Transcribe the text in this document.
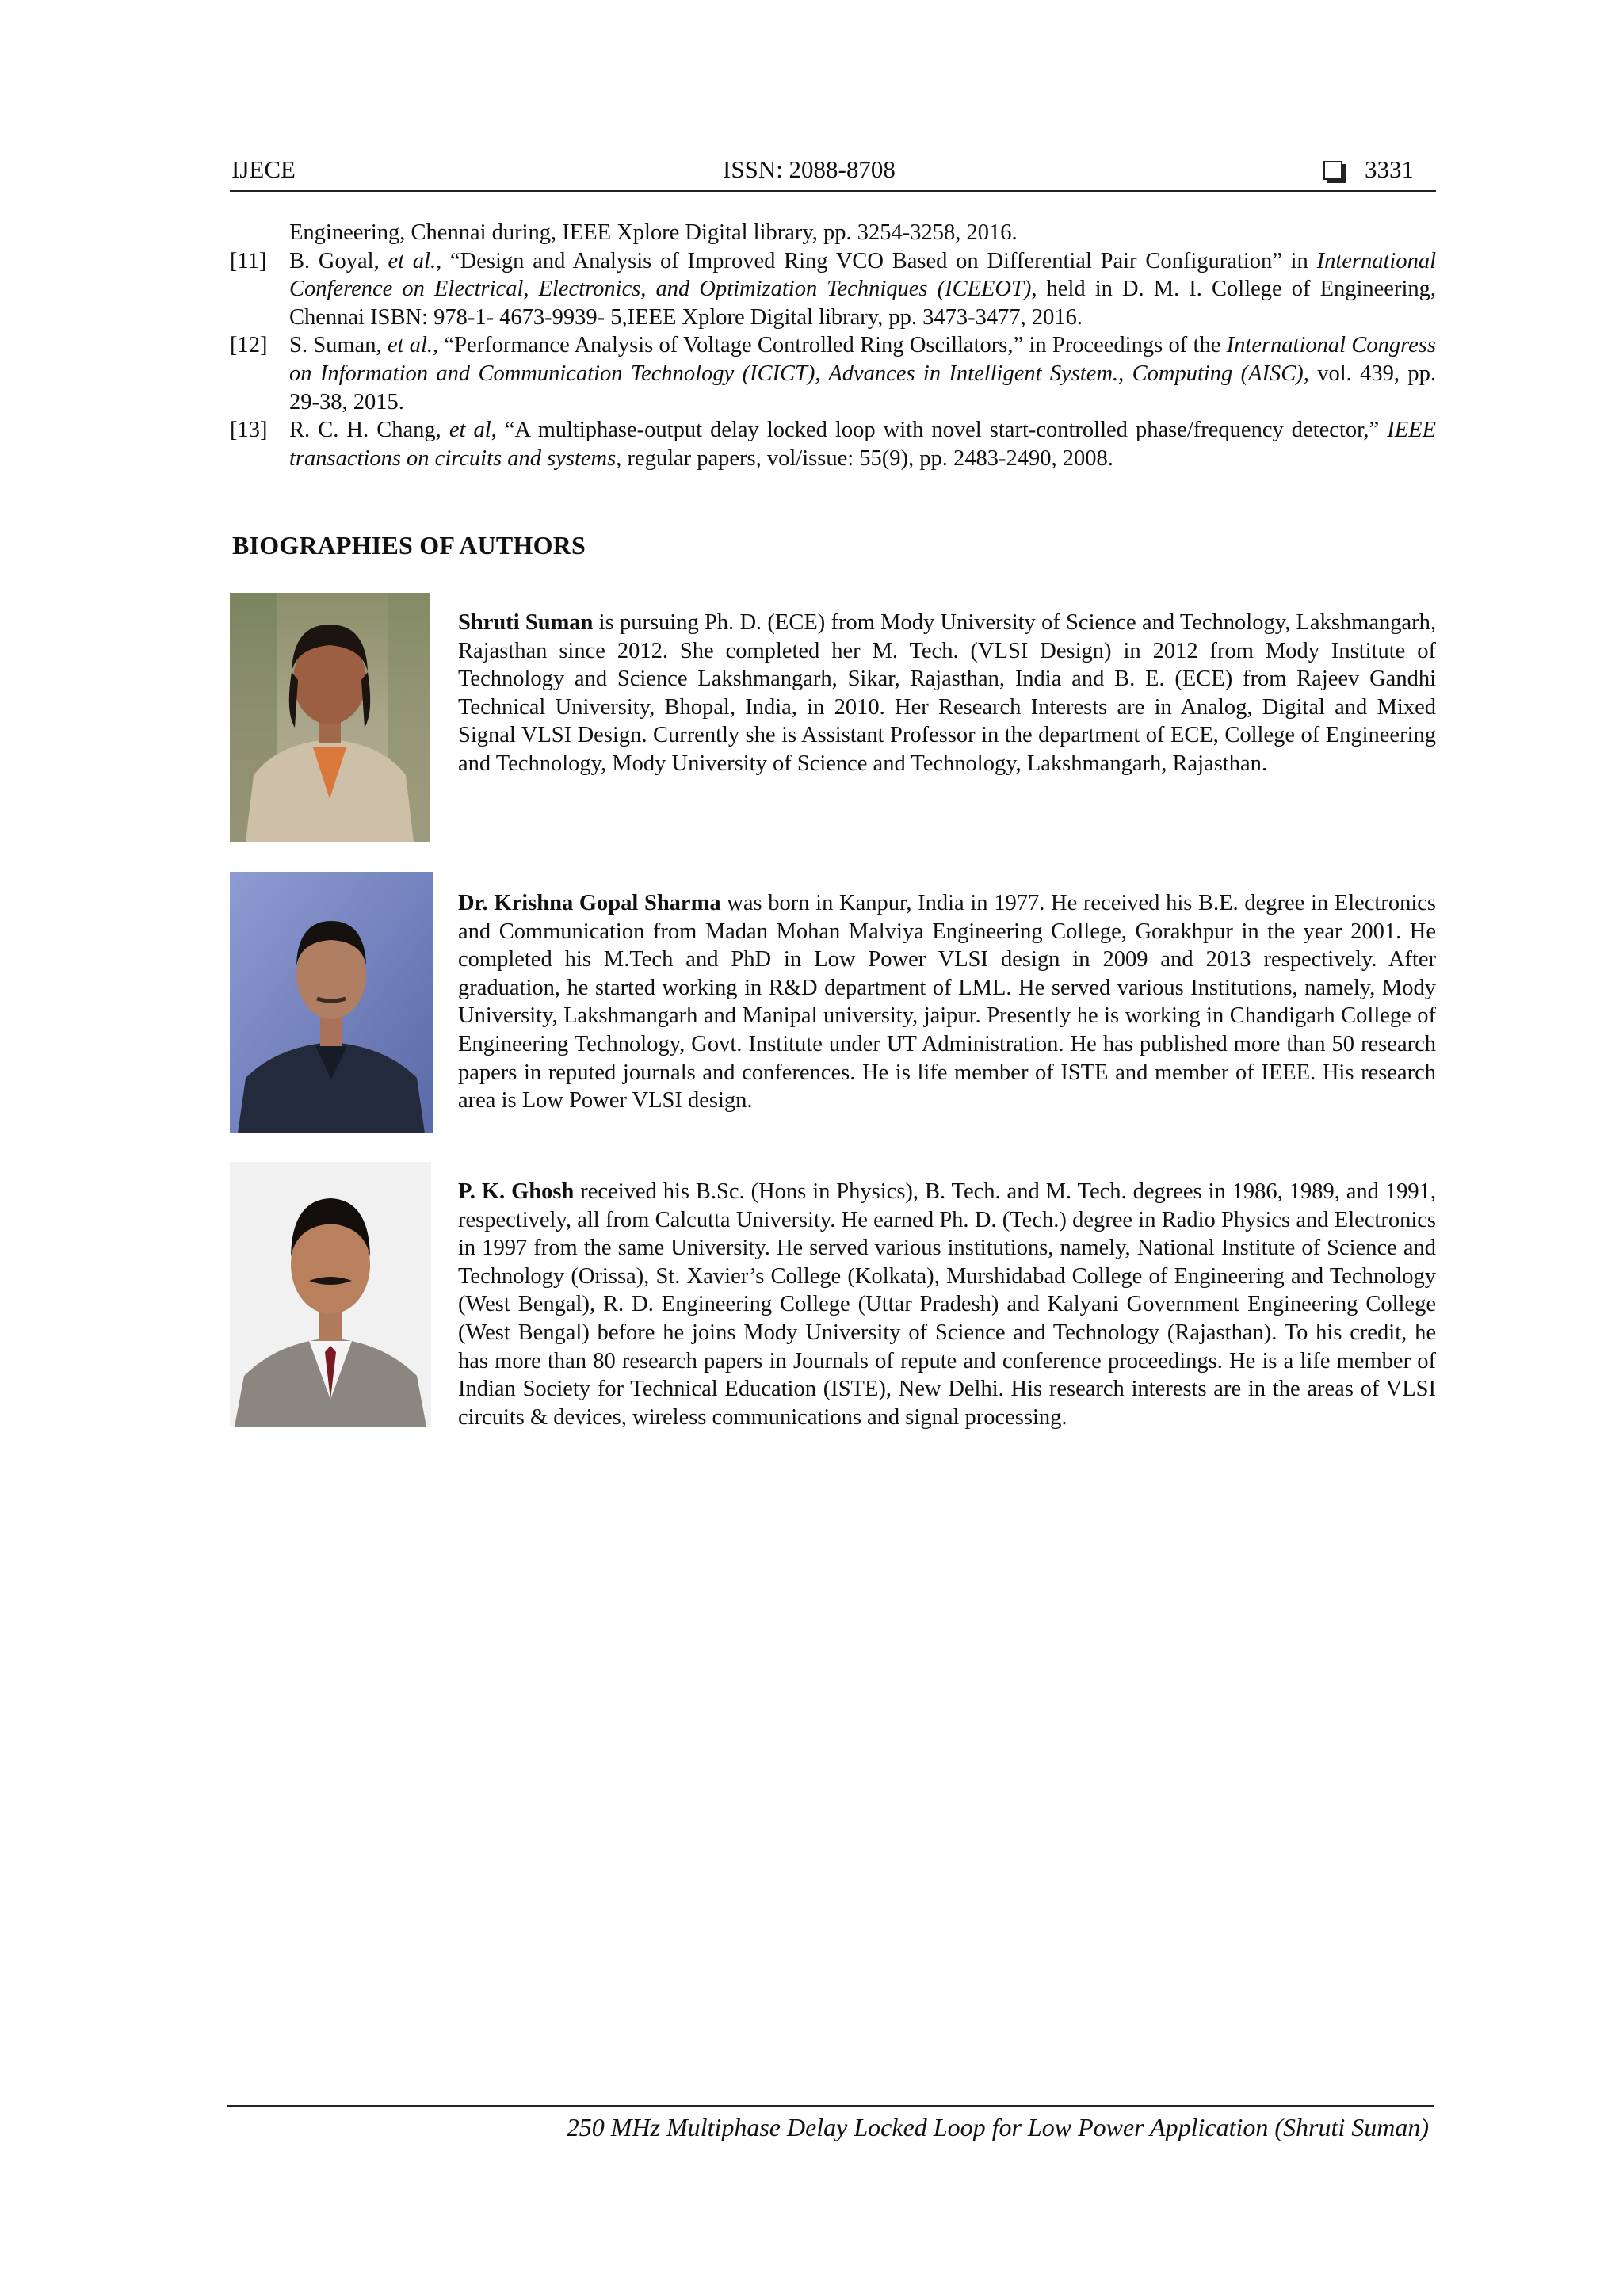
IJECE	ISSN: 2088-8708	3331
Engineering, Chennai during, IEEE Xplore Digital library, pp. 3254-3258, 2016.
[11]	B. Goyal, et al., “Design and Analysis of Improved Ring VCO Based on Differential Pair Configuration” in International Conference on Electrical, Electronics, and Optimization Techniques (ICEEOT), held in D. M. I. College of Engineering, Chennai ISBN: 978-1- 4673-9939- 5,IEEE Xplore Digital library, pp. 3473-3477, 2016.
[12] S. Suman, et al., “Performance Analysis of Voltage Controlled Ring Oscillators,” in Proceedings of the International Congress on Information and Communication Technology (ICICT), Advances in Intelligent System., Computing (AISC), vol. 439, pp. 29-38, 2015.
[13] R. C. H. Chang, et al, “A multiphase-output delay locked loop with novel start-controlled phase/frequency detector,” IEEE transactions on circuits and systems, regular papers, vol/issue: 55(9), pp. 2483-2490, 2008.
BIOGRAPHIES OF AUTHORS
Shruti Suman is pursuing Ph. D. (ECE) from Mody University of Science and Technology, Lakshmangarh, Rajasthan since 2012. She completed her M. Tech. (VLSI Design) in 2012 from Mody Institute of Technology and Science Lakshmangarh, Sikar, Rajasthan, India and B. E. (ECE) from Rajeev Gandhi Technical University, Bhopal, India, in 2010. Her Research Interests are in Analog, Digital and Mixed Signal VLSI Design. Currently she is Assistant Professor in the department of ECE, College of Engineering and Technology, Mody University of Science and Technology, Lakshmangarh, Rajasthan.
Dr. Krishna Gopal Sharma was born in Kanpur, India in 1977. He received his B.E. degree in Electronics and Communication from Madan Mohan Malviya Engineering College, Gorakhpur in the year 2001. He completed his M.Tech and PhD in Low Power VLSI design in 2009 and 2013 respectively. After graduation, he started working in R&D department of LML. He served various Institutions, namely, Mody University, Lakshmangarh and Manipal university, jaipur. Presently he is working in Chandigarh College of Engineering Technology, Govt. Institute under UT Administration. He has published more than 50 research papers in reputed journals and conferences. He is life member of ISTE and member of IEEE. His research area is Low Power VLSI design.
P. K. Ghosh received his B.Sc. (Hons in Physics), B. Tech. and M. Tech. degrees in 1986, 1989, and 1991, respectively, all from Calcutta University. He earned Ph. D. (Tech.) degree in Radio Physics and Electronics in 1997 from the same University. He served various institutions, namely, National Institute of Science and Technology (Orissa), St. Xavier’s College (Kolkata), Murshidabad College of Engineering and Technology (West Bengal), R. D. Engineering College (Uttar Pradesh) and Kalyani Government Engineering College (West Bengal) before he joins Mody University of Science and Technology (Rajasthan). To his credit, he has more than 80 research papers in Journals of repute and conference proceedings. He is a life member of Indian Society for Technical Education (ISTE), New Delhi. His research interests are in the areas of VLSI circuits & devices, wireless communications and signal processing.
250 MHz Multiphase Delay Locked Loop for Low Power Application (Shruti Suman)
